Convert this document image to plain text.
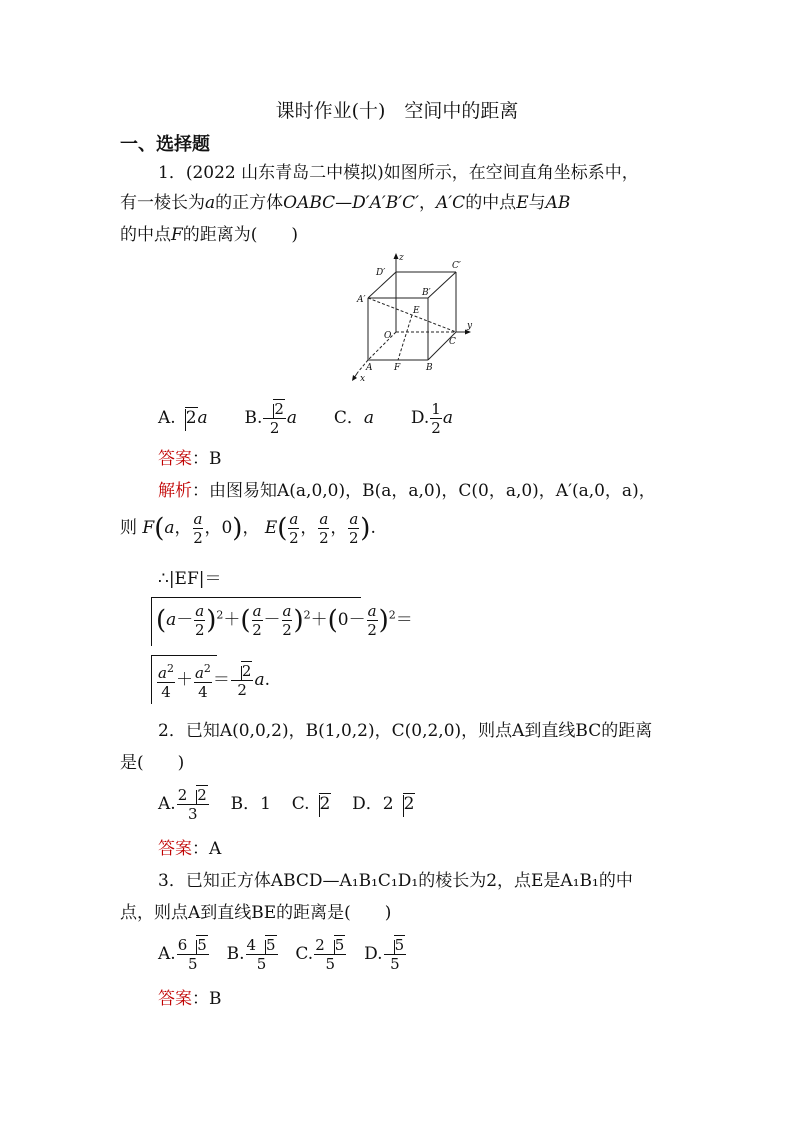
课时作业(十)　空间中的距离
一、选择题
1．(2022 山东青岛二中模拟)如图所示，在空间直角坐标系中，
有一棱长为a的正方体OABC—D′A′B′C′，A′C的中点E与AB
的中点F的距离为(　　)
z
D′
C′
A′
B′
E
O
y
C
A F	B
x
A. 2a B. $\frac{2}{2}$ a C．a D. $\frac{1}{2}$ a
答案：B
解析：由图易知A(a,0,0)，B(a，a,0)，C(0，a,0)，A′(a,0，a)，
则 F(a， $\frac{a}{2}$ ，0)， $E( \frac{a}{2}$ ， $\frac{a}{2}$ ， $\frac{a}{2}$ ).
∴|EF|＝
$(a- \frac{a}{2} )^2+( \frac{a}{2} - \frac{a}{2} )^2+(0- \frac{a}{2} )^2=$
$\frac{a^2}{4} + \frac{a^2}{4} = \frac{2}{2} a$.
2．已知A(0,0,2)，B(1,0,2)，C(0,2,0)，则点A到直线BC的距离
是(　　)
A. $\frac{2 2}{3}$ B．1 C. 2 D．2 2
答案：A
3．已知正方体ABCD—A₁B₁C₁D₁的棱长为2，点E是A₁B₁的中
点，则点A到直线BE的距离是(　　)
A. $\frac{6 5}{5} B$. $\frac{4 5}{5} C$. $\frac{2 5}{5} D$. $\frac{5}{5}$
答案：B
